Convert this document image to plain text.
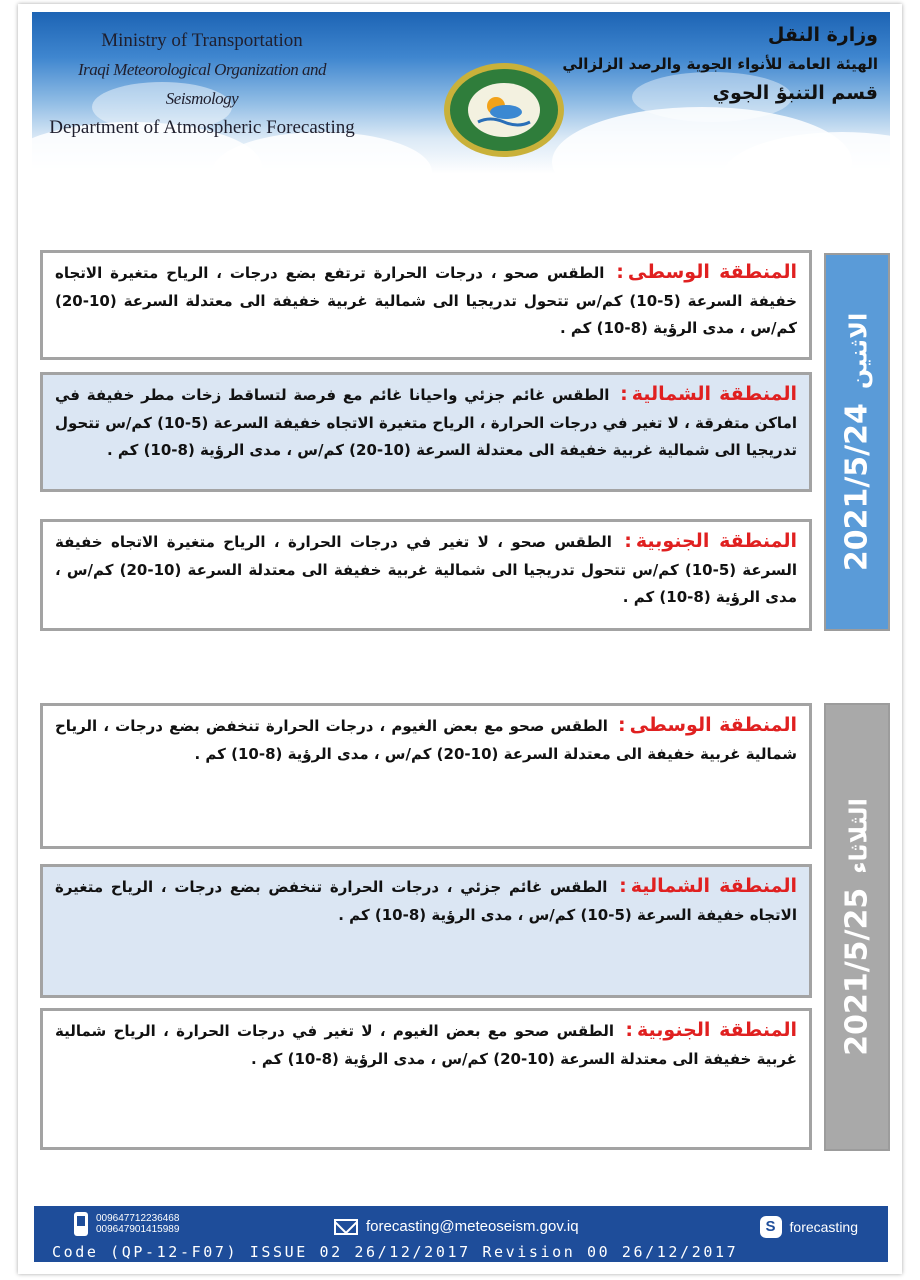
Ministry of Transportation
Iraqi Meteorological Organization and Seismology
Department of Atmospheric Forecasting
وزارة النقل
الهيئة العامة للأنواء الجوية والرصد الزلزالي
قسم التنبؤ الجوي
2021/5/24الاثنين
المنطقة الوسطى: الطقس صحو ، درجات الحرارة ترتفع بضع درجات ، الرياح متغيرة الاتجاه خفيفة السرعة (5-10) كم/س تتحول تدريجيا الى شمالية غربية خفيفة الى معتدلة السرعة (10-20) كم/س ، مدى الرؤية (8-10) كم .
المنطقة الشمالية: الطقس غائم جزئي واحيانا غائم مع فرصة لتساقط زخات مطر خفيفة في اماكن متفرقة ، لا تغير في درجات الحرارة ، الرياح متغيرة الاتجاه خفيفة السرعة (5-10) كم/س تتحول تدريجيا الى شمالية غربية خفيفة الى معتدلة السرعة (10-20) كم/س ، مدى الرؤية (8-10) كم .
المنطقة الجنوبية: الطقس صحو ، لا تغير في درجات الحرارة ، الرياح متغيرة الاتجاه خفيفة السرعة (5-10) كم/س تتحول تدريجيا الى شمالية غربية خفيفة الى معتدلة السرعة (10-20) كم/س ، مدى الرؤية (8-10) كم .
2021/5/25الثلاثاء
المنطقة الوسطى: الطقس صحو مع بعض الغيوم ، درجات الحرارة تنخفض بضع درجات ، الرياح شمالية غربية خفيفة الى معتدلة السرعة (10-20) كم/س ، مدى الرؤية (8-10) كم .
المنطقة الشمالية: الطقس غائم جزئي ، درجات الحرارة تنخفض بضع درجات ، الرياح متغيرة الاتجاه خفيفة السرعة (5-10) كم/س ، مدى الرؤية (8-10) كم .
المنطقة الجنوبية: الطقس صحو مع بعض الغيوم ، لا تغير في درجات الحرارة ، الرياح شمالية غربية خفيفة الى معتدلة السرعة (10-20) كم/س ، مدى الرؤية (8-10) كم .
009647712236468
009647901415989	forecasting@meteoseism.gov.iq	S	forecasting
Code (QP-12-F07) ISSUE 02 26/12/2017 Revision 00 26/12/2017
